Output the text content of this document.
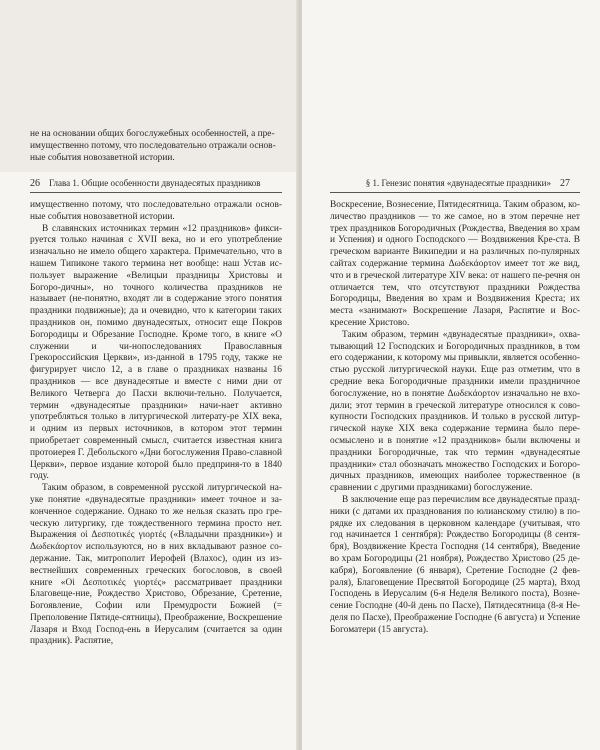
не на основании общих богослужебных особенностей, а пре-
имущественно потому, что последовательно отражали основ-
ные события новозаветной истории.
26 Глава 1. Общие особенности двунадесятых праздников

имущественно потому, что последовательно отражали основ-ные события новозаветной истории.

В славянских источниках термин «12 праздников» фикси-руется только начиная с XVII века, но и его употребление изначально не имело общего характера. Примечательно, что в нашем Типиконе такого термина нет вообще: наш Устав ис-пользует выражение «Велицыи праздницы Христовы и Богоро-дичны», но точного количества праздников не называет (не-понятно, входят ли в содержание этого понятия праздники подвижные); да и очевидно, что к категории таких праздников он, помимо двунадесятых, относит еще Покров Богородицы и Обрезание Господне. Кроме того, в книге «О служении и чи-нопоследованиях Православныя Грекороссийския Церкви», из-данной в 1795 году, также не фигурирует число 12, а в главе о праздниках названы 16 праздников — все двунадесятые и вместе с ними дни от Великого Четверга до Пасхи включи-тельно. Получается, термин «двунадесятые праздники» начи-нает активно употребляться только в литургической литерату-ре XIX века, и одним из первых источников, в котором этот термин приобретает современный смысл, считается известная книга протоиерея Г. Дебольского «Дни богослужения Право-славной Церкви», первое издание которой было предприня-то в 1840 году.

Таким образом, в современной русской литургической на-уке понятие «двунадесятые праздники» имеет точное и за-конченное содержание. Однако то же нельзя сказать про гре-ческую литургику, где тождественного термина просто нет. Выражения οἱ Δεσποτικές γιορτές («Владычни праздники») и Δωδεκάορτον используются, но в них вкладывают разное со-держание. Так, митрополит Иерофей (Влахос), один из из-вестнейших современных греческих богословов, в своей книге «Οἱ Δεσποτικές γιορτές» рассматривает праздники Благовеще-ние, Рождество Христово, Обрезание, Сретение, Богоявление, Софии или Премудрости Божией (= Преполовение Пятиде-сятницы), Преображение, Воскрешение Лазаря и Вход Господ-ень в Иерусалим (считается за один праздник). Распятие,

§ 1. Генезис понятия «двунадесятые праздники» 27

Воскресение, Вознесение, Пятидесятница. Таким образом, ко-личество праздников — то же самое, но в этом перечне нет трех праздников Богородичных (Рождества, Введения во храм и Успения) и одного Господского — Воздвижения Кре-ста. В греческом варианте Википедии и на различных по-пулярных сайтах содержание термина Δωδεκάορτον имеет тот же вид, что и в греческой литературе XIV века: от нашего пе-речня он отличается тем, что отсутствуют праздники Рождества Богородицы, Введения во храм и Воздвижения Креста; их места «занимают» Воскрешение Лазаря, Распятие и Вос-кресение Христово.

Таким образом, термин «двунадесятые праздники», охва-тывающий 12 Господских и Богородичных праздников, в том его содержании, к которому мы привыкли, является особенно-стью русской литургической науки. Еще раз отметим, что в средние века Богородичные праздники имели праздничное богослужение, но в понятие Δωδεκάορτον изначально не вхо-дили; этот термин в греческой литературе относился к сово-купности Господских праздников. И только в русской литур-гической науке XIX века содержание термина было пере-осмыслено и в понятие «12 праздников» были включены и праздники Богородичные, так что термин «двунадесятые праздники» стал обозначать множество Господских и Богоро-дичных праздников, имеющих наиболее торжественное (в сравнении с другими праздниками) богослужение.

В заключение еще раз перечислим все двунадесятые празд-ники (с датами их празднования по юлианскому стилю) в по-рядке их следования в церковном календаре (учитывая, что год начинается 1 сентября): Рождество Богородицы (8 сентя-бря), Воздвижение Креста Господня (14 сентября), Введение во храм Богородицы (21 ноября), Рождество Христово (25 де-кабря), Богоявление (6 января), Сретение Господне (2 фев-раля), Благовещение Пресвятой Богородице (25 марта), Вход Господень в Иерусалим (6-я Неделя Великого поста), Возне-сение Господне (40-й день по Пасхе), Пятидесятница (8-я Не-деля по Пасхе), Преображение Господне (6 августа) и Успение Богоматери (15 августа).
